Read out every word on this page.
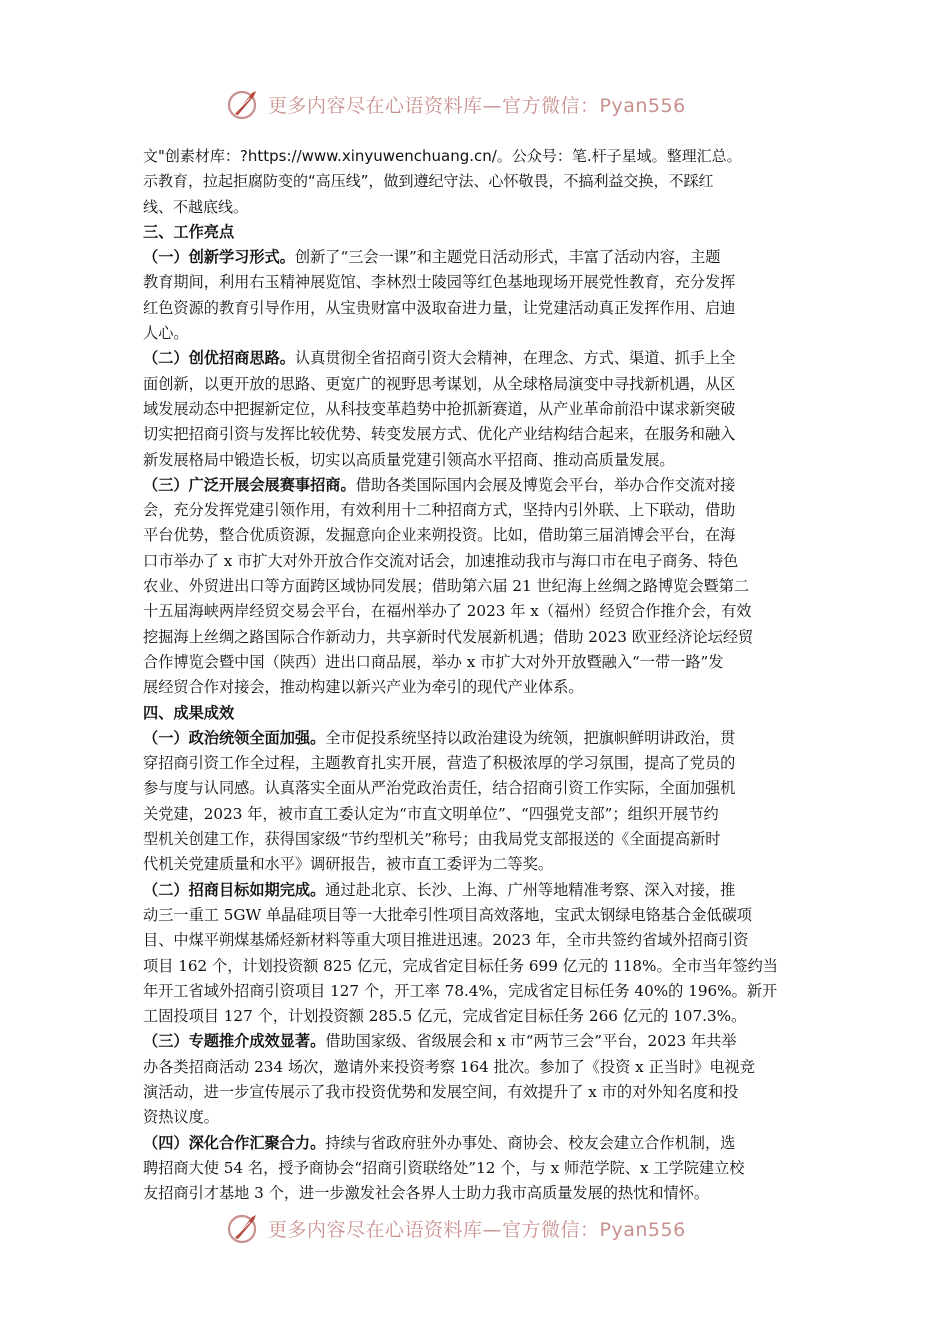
更多内容尽在心语资料库—官方微信：Pyan556
文"创素材库：?https://www.xinyuwenchuang.cn/。公众号：笔.杆子星域。整理汇总。
示教育，拉起拒腐防变的“高压线”，做到遵纪守法、心怀敬畏，不搞利益交换，不踩红
线、不越底线。
三、工作亮点
（一）创新学习形式。创新了“三会一课”和主题党日活动形式，丰富了活动内容，主题
教育期间，利用右玉精神展览馆、李林烈士陵园等红色基地现场开展党性教育，充分发挥
红色资源的教育引导作用，从宝贵财富中汲取奋进力量，让党建活动真正发挥作用、启迪
人心。
（二）创优招商思路。认真贯彻全省招商引资大会精神，在理念、方式、渠道、抓手上全
面创新，以更开放的思路、更宽广的视野思考谋划，从全球格局演变中寻找新机遇，从区
域发展动态中把握新定位，从科技变革趋势中抢抓新赛道，从产业革命前沿中谋求新突破
切实把招商引资与发挥比较优势、转变发展方式、优化产业结构结合起来，在服务和融入
新发展格局中锻造长板，切实以高质量党建引领高水平招商、推动高质量发展。
（三）广泛开展会展赛事招商。借助各类国际国内会展及博览会平台，举办合作交流对接
会，充分发挥党建引领作用，有效利用十二种招商方式，坚持内引外联、上下联动，借助
平台优势，整合优质资源，发掘意向企业来朔投资。比如，借助第三届消博会平台，在海
口市举办了 x 市扩大对外开放合作交流对话会，加速推动我市与海口市在电子商务、特色
农业、外贸进出口等方面跨区域协同发展；借助第六届 21 世纪海上丝绸之路博览会暨第二
十五届海峡两岸经贸交易会平台，在福州举办了 2023 年 x（福州）经贸合作推介会，有效
挖掘海上丝绸之路国际合作新动力，共享新时代发展新机遇；借助 2023 欧亚经济论坛经贸
合作博览会暨中国（陕西）进出口商品展，举办 x 市扩大对外开放暨融入“一带一路”发
展经贸合作对接会，推动构建以新兴产业为牵引的现代产业体系。
四、成果成效
（一）政治统领全面加强。全市促投系统坚持以政治建设为统领，把旗帜鲜明讲政治，贯
穿招商引资工作全过程，主题教育扎实开展，营造了积极浓厚的学习氛围，提高了党员的
参与度与认同感。认真落实全面从严治党政治责任，结合招商引资工作实际，全面加强机
关党建，2023 年，被市直工委认定为“市直文明单位”、“四强党支部”；组织开展节约
型机关创建工作，获得国家级“节约型机关”称号；由我局党支部报送的《全面提高新时
代机关党建质量和水平》调研报告，被市直工委评为二等奖。
（二）招商目标如期完成。通过赴北京、长沙、上海、广州等地精准考察、深入对接，推
动三一重工 5GW 单晶硅项目等一大批牵引性项目高效落地，宝武太钢绿电铬基合金低碳项
目、中煤平朔煤基烯烃新材料等重大项目推进迅速。2023 年，全市共签约省域外招商引资
项目 162 个，计划投资额 825 亿元，完成省定目标任务 699 亿元的 118%。全市当年签约当
年开工省域外招商引资项目 127 个，开工率 78.4%，完成省定目标任务 40%的 196%。新开
工固投项目 127 个，计划投资额 285.5 亿元，完成省定目标任务 266 亿元的 107.3%。
（三）专题推介成效显著。借助国家级、省级展会和 x 市“两节三会”平台，2023 年共举
办各类招商活动 234 场次，邀请外来投资考察 164 批次。参加了《投资 x 正当时》电视竞
演活动，进一步宣传展示了我市投资优势和发展空间，有效提升了 x 市的对外知名度和投
资热议度。
（四）深化合作汇聚合力。持续与省政府驻外办事处、商协会、校友会建立合作机制，选
聘招商大使 54 名，授予商协会“招商引资联络处”12 个，与 x 师范学院、x 工学院建立校
友招商引才基地 3 个，进一步激发社会各界人士助力我市高质量发展的热忱和情怀。
更多内容尽在心语资料库—官方微信：Pyan556
